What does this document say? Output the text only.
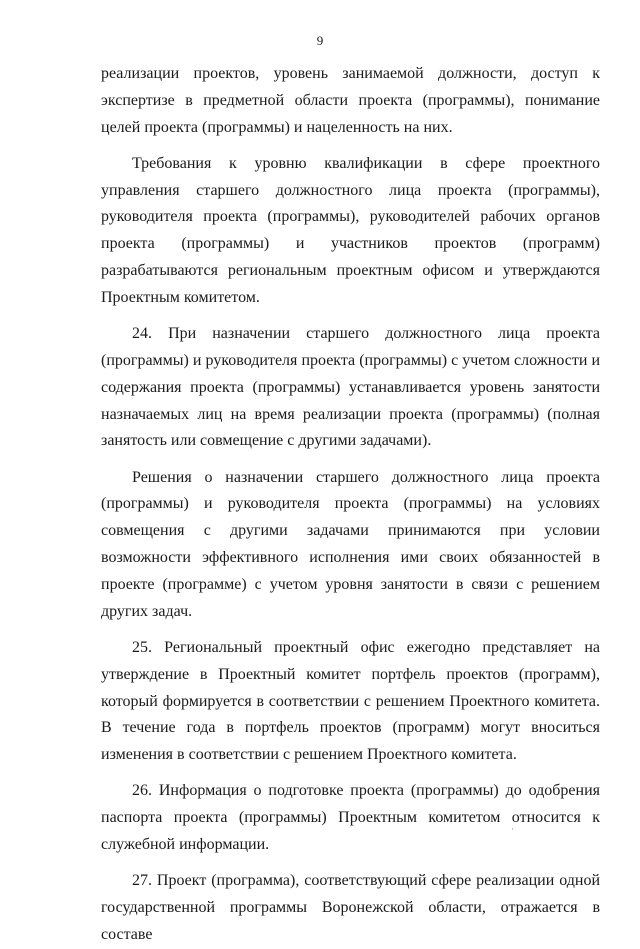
9

реализации проектов, уровень занимаемой должности, доступ к экспертизе в предметной области проекта (программы), понимание целей проекта (программы) и нацеленность на них.

Требования к уровню квалификации в сфере проектного управления старшего должностного лица проекта (программы), руководителя проекта (программы), руководителей рабочих органов проекта (программы) и участников проектов (программ) разрабатываются региональным проектным офисом и утверждаются Проектным комитетом.

24. При назначении старшего должностного лица проекта (программы) и руководителя проекта (программы) с учетом сложности и содержания проекта (программы) устанавливается уровень занятости назначаемых лиц на время реализации проекта (программы) (полная занятость или совмещение с другими задачами).

Решения о назначении старшего должностного лица проекта (программы) и руководителя проекта (программы) на условиях совмещения с другими задачами принимаются при условии возможности эффективного исполнения ими своих обязанностей в проекте (программе) с учетом уровня занятости в связи с решением других задач.

25. Региональный проектный офис ежегодно представляет на утверждение в Проектный комитет портфель проектов (программ), который формируется в соответствии с решением Проектного комитета. В течение года в портфель проектов (программ) могут вноситься изменения в соответствии с решением Проектного комитета.

26. Информация о подготовке проекта (программы) до одобрения паспорта проекта (программы) Проектным комитетом относится к служебной информации.

27. Проект (программа), соответствующий сфере реализации одной государственной программы Воронежской области, отражается в составе
